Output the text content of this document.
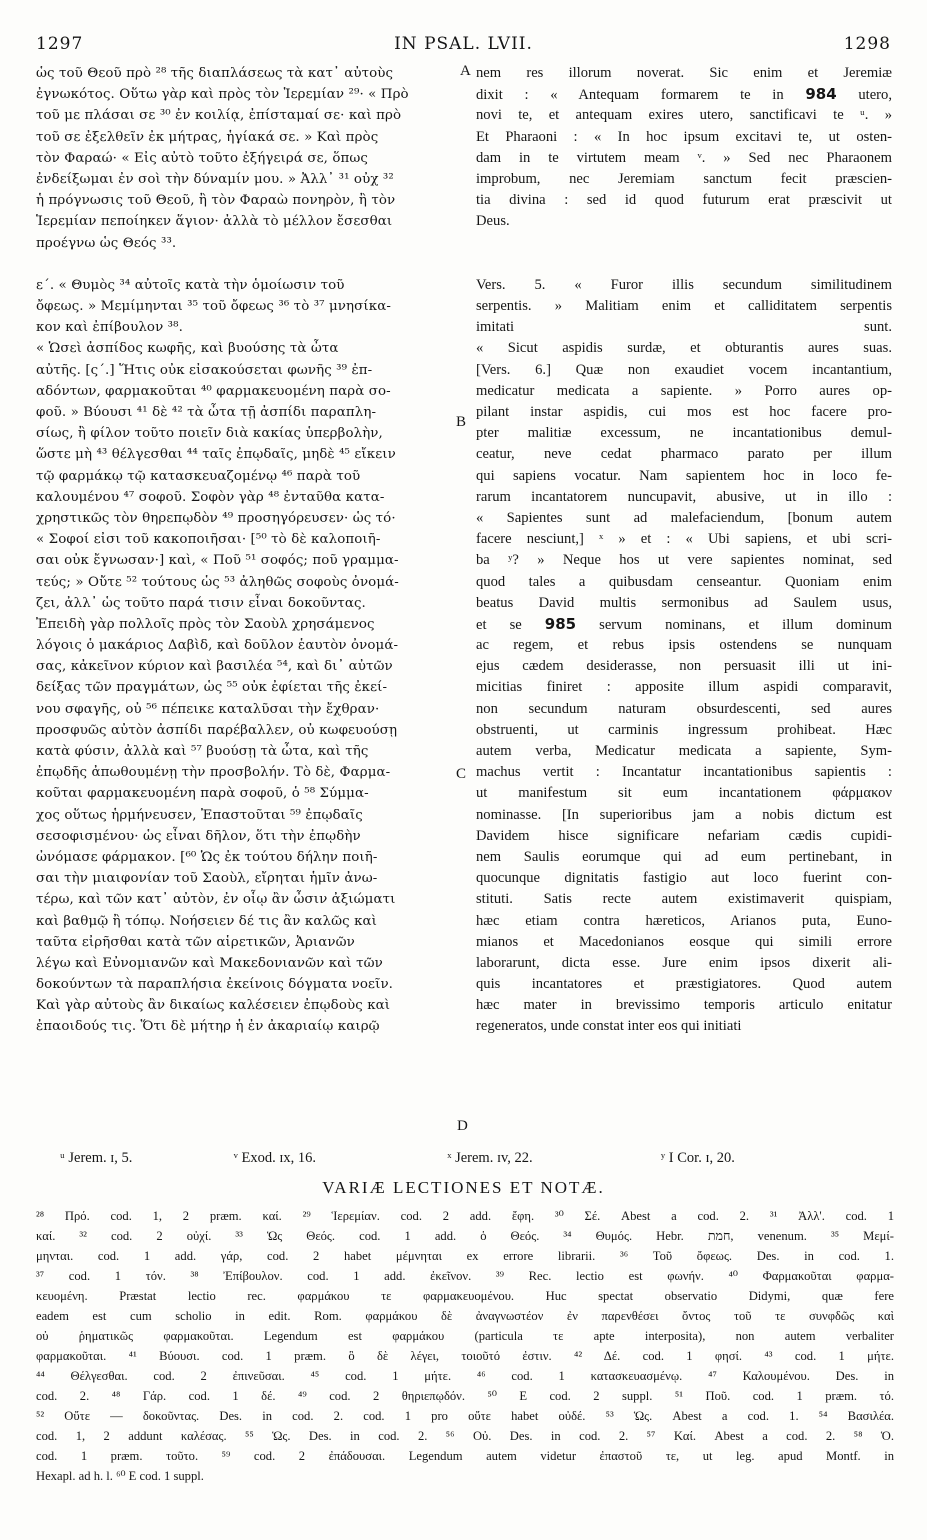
1297	IN PSAL. LVII.	1298
ὡς τοῦ Θεοῦ πρὸ ²⁸ τῆς διαπλάσεως τὰ κατ᾽ αὐτοὺς
ἐγνωκότος. Οὕτω γὰρ καὶ πρὸς τὸν Ἱερεμίαν ²⁹· « Πρὸ
τοῦ με πλάσαι σε ³⁰ ἐν κοιλίᾳ, ἐπίσταμαί σε· καὶ πρὸ
τοῦ σε ἐξελθεῖν ἐκ μήτρας, ἡγίακά σε. » Καὶ πρὸς
τὸν Φαραώ· « Εἰς αὐτὸ τοῦτο ἐξήγειρά σε, ὅπως
ἐνδείξωμαι ἐν σοὶ τὴν δύναμίν μου. » Ἀλλ᾽ ³¹ οὐχ ³²
ἡ πρόγνωσις τοῦ Θεοῦ, ἢ τὸν Φαραὼ πονηρὸν, ἢ τὸν
Ἱερεμίαν πεποίηκεν ἅγιον· ἀλλὰ τὸ μέλλον ἔσεσθαι
προέγνω ὡς Θεός ³³.
ε΄. « Θυμὸς ³⁴ αὐτοῖς κατὰ τὴν ὁμοίωσιν τοῦ
ὄφεως. » Μεμίμηνται ³⁵ τοῦ ὄφεως ³⁶ τὸ ³⁷ μνησίκα-
κον καὶ ἐπίβουλον ³⁸.
« Ὡσεὶ ἀσπίδος κωφῆς, καὶ βυούσης τὰ ὦτα
αὐτῆς. [ς΄.] Ἥτις οὐκ εἰσακούσεται φωνῆς ³⁹ ἐπ-
αδόντων, φαρμακοῦται ⁴⁰ φαρμακευομένη παρὰ σο-
φοῦ. » Βύουσι ⁴¹ δὲ ⁴² τὰ ὦτα τῇ ἀσπίδι παραπλη-
σίως, ἢ φίλον τοῦτο ποιεῖν διὰ κακίας ὑπερβολὴν,
ὥστε μὴ ⁴³ θέλγεσθαι ⁴⁴ ταῖς ἐπῳδαῖς, μηδὲ ⁴⁵ εἴκειν
τῷ φαρμάκῳ τῷ κατασκευαζομένῳ ⁴⁶ παρὰ τοῦ
καλουμένου ⁴⁷ σοφοῦ. Σοφὸν γὰρ ⁴⁸ ἐνταῦθα κατα-
χρηστικῶς τὸν θηρεπῳδὸν ⁴⁹ προσηγόρευσεν· ὡς τό·
« Σοφοί εἰσι τοῦ κακοποιῆσαι· [⁵⁰ τὸ δὲ καλοποιῆ-
σαι οὐκ ἔγνωσαν·] καὶ, « Ποῦ ⁵¹ σοφός; ποῦ γραμμα-
τεύς; » Οὔτε ⁵² τούτους ὡς ⁵³ ἀληθῶς σοφοὺς ὀνομά-
ζει, ἀλλ᾽ ὡς τοῦτο παρά τισιν εἶναι δοκοῦντας.
Ἐπειδὴ γὰρ πολλοῖς πρὸς τὸν Σαοὺλ χρησάμενος
λόγοις ὁ μακάριος Δαβὶδ, καὶ δοῦλον ἑαυτὸν ὀνομά-
σας, κἀκεῖνον κύριον καὶ βασιλέα ⁵⁴, καὶ δι᾽ αὐτῶν
δείξας τῶν πραγμάτων, ὡς ⁵⁵ οὐκ ἐφίεται τῆς ἐκεί-
νου σφαγῆς, οὐ ⁵⁶ πέπεικε καταλῦσαι τὴν ἔχθραν·
προσφυῶς αὐτὸν ἀσπίδι παρέβαλλεν, οὐ κωφευούσῃ
κατὰ φύσιν, ἀλλὰ καὶ ⁵⁷ βυούσῃ τὰ ὦτα, καὶ τῆς
ἐπῳδῆς ἀπωθουμένῃ τὴν προσβολήν. Τὸ δὲ, Φαρμα-
κοῦται φαρμακευομένη παρὰ σοφοῦ, ὁ ⁵⁸ Σύμμα-
χος οὕτως ἡρμήνευσεν, Ἐπαστοῦται ⁵⁹ ἐπῳδαῖς
σεσοφισμένου· ὡς εἶναι δῆλον, ὅτι τὴν ἐπῳδὴν
ὠνόμασε φάρμακον. [⁶⁰ Ὡς ἐκ τούτου δήλην ποιῆ-
σαι τὴν μιαιφονίαν τοῦ Σαοὺλ, εἴρηται ἡμῖν ἀνω-
τέρω, καὶ τῶν κατ᾽ αὐτὸν, ἐν οἷῳ ἂν ὦσιν ἀξιώματι
καὶ βαθμῷ ἢ τόπῳ. Νοήσειεν δέ τις ἂν καλῶς καὶ
ταῦτα εἰρῆσθαι κατὰ τῶν αἱρετικῶν, Ἀριανῶν
λέγω καὶ Εὐνομιανῶν καὶ Μακεδονιανῶν καὶ τῶν
δοκούντων τὰ παραπλήσια ἐκείνοις δόγματα νοεῖν.
Καὶ γὰρ αὐτοὺς ἂν δικαίως καλέσειεν ἐπῳδοὺς καὶ
ἐπαοιδούς τις. Ὅτι δὲ μήτηρ ἡ ἐν ἀκαριαίῳ καιρῷ
nem res illorum noverat. Sic enim et Jeremiæ
dixit : « Antequam formarem te in 984 utero,
novi te, et antequam exires utero, sanctificavi te ᵘ. »
Et Pharaoni : « In hoc ipsum excitavi te, ut osten-
dam in te virtutem meam ᵛ. » Sed nec Pharaonem
improbum, nec Jeremiam sanctum fecit præscien-
tia divina : sed id quod futurum erat præscivit ut
Deus.
Vers. 5. « Furor illis secundum similitudinem
serpentis. » Malitiam enim et calliditatem serpentis
imitati sunt.
« Sicut aspidis surdæ, et obturantis aures suas.
[Vers. 6.] Quæ non exaudiet vocem incantantium,
medicatur medicata a sapiente. » Porro aures op-
pilant instar aspidis, cui mos est hoc facere pro-
pter malitiæ excessum, ne incantationibus demul-
ceatur, neve cedat pharmaco parato per illum
qui sapiens vocatur. Nam sapientem hoc in loco fe-
rarum incantatorem nuncupavit, abusive, ut in illo :
« Sapientes sunt ad malefaciendum, [bonum autem
facere nesciunt,] ˣ » et : « Ubi sapiens, et ubi scri-
ba ʸ? » Neque hos ut vere sapientes nominat, sed
quod tales a quibusdam censeantur. Quoniam enim
beatus David multis sermonibus ad Saulem usus,
et se 985 servum nominans, et illum dominum
ac regem, et rebus ipsis ostendens se nunquam
ejus cædem desiderasse, non persuasit illi ut ini-
micitias finiret : apposite illum aspidi comparavit,
non secundum naturam obsurdescenti, sed aures
obstruenti, ut carminis ingressum prohibeat. Hæc
autem verba, Medicatur medicata a sapiente, Sym-
machus vertit : Incantatur incantationibus sapientis :
ut manifestum sit eum incantationem φάρμακον
nominasse. [In superioribus jam a nobis dictum est
Davidem hisce significare nefariam cædis cupidi-
nem Saulis eorumque qui ad eum pertinebant, in
quocunque dignitatis fastigio aut loco fuerint con-
stituti. Satis recte autem existimaverit quispiam,
hæc etiam contra hæreticos, Arianos puta, Euno-
mianos et Macedonianos eosque qui simili errore
laborarunt, dicta esse. Jure enim ipsos dixerit ali-
quis incantatores et præstigiatores. Quod autem
hæc mater in brevissimo temporis articulo enitatur
regeneratos, unde constat inter eos qui initiati
A
B
C
D
ᵘ Jerem. ɪ, 5.	ᵛ Exod. ɪx, 16.	ˣ Jerem. ɪv, 22.	ʸ I Cor. ɪ, 20.
VARIÆ LECTIONES ET NOTÆ.
²⁸ Πρό. cod. 1, 2 præm. καί. ²⁹ Ἱερεμίαν. cod. 2 add. ἔφη. ³⁰ Σέ. Abest a cod. 2. ³¹ Ἀλλ'. cod. 1
καί. ³² cod. 2 οὐχί. ³³ Ὡς Θεός. cod. 1 add. ὁ Θεός. ³⁴ Θυμός. Hebr. חמת, venenum. ³⁵ Μεμί-
μηνται. cod. 1 add. γάρ, cod. 2 habet μέμνηται ex errore librarii. ³⁶ Τοῦ ὄφεως. Des. in cod. 1.
³⁷ cod. 1 τόν. ³⁸ Ἐπίβουλον. cod. 1 add. ἐκεῖνον. ³⁹ Rec. lectio est φωνήν. ⁴⁰ Φαρμακοῦται φαρμα-
κευομένη. Præstat lectio rec. φαρμάκου τε φαρμακευομένου. Huc spectat observatio Didymi, quæ fere
eadem est cum scholio in edit. Rom. φαρμάκου δὲ ἀναγνωστέον ἐν παρενθέσει ὄντος τοῦ τε συνφδῶς καὶ
οὐ ῥηματικῶς φαρμακοῦται. Legendum est φαρμάκου (particula τε apte interposita), non autem verbaliter
φαρμακοῦται. ⁴¹ Βύουσι. cod. 1 præm. ὃ δὲ λέγει, τοιοῦτό ἐστιν. ⁴² Δέ. cod. 1 φησί. ⁴³ cod. 1 μήτε.
⁴⁴ Θέλγεσθαι. cod. 2 ἐπινεῦσαι. ⁴⁵ cod. 1 μήτε. ⁴⁶ cod. 1 κατασκευασμένῳ. ⁴⁷ Καλουμένου. Des. in
cod. 2. ⁴⁸ Γάρ. cod. 1 δέ. ⁴⁹ cod. 2 θηριεπῳδόν. ⁵⁰ E cod. 2 suppl. ⁵¹ Ποῦ. cod. 1 præm. τό.
⁵² Οὔτε — δοκοῦντας. Des. in cod. 2. cod. 1 pro οὔτε habet οὐδέ. ⁵³ Ὡς. Abest a cod. 1. ⁵⁴ Βασιλέα.
cod. 1, 2 addunt καλέσας. ⁵⁵ Ὡς. Des. in cod. 2. ⁵⁶ Οὐ. Des. in cod. 2. ⁵⁷ Kαί. Abest a cod. 2. ⁵⁸ Ὁ.
cod. 1 præm. τοῦτο. ⁵⁹ cod. 2 ἐπάδουσαι. Legendum autem videtur ἐπαστοῦ τε, ut leg. apud Montf. in
Hexapl. ad h. l. ⁶⁰ E cod. 1 suppl.
